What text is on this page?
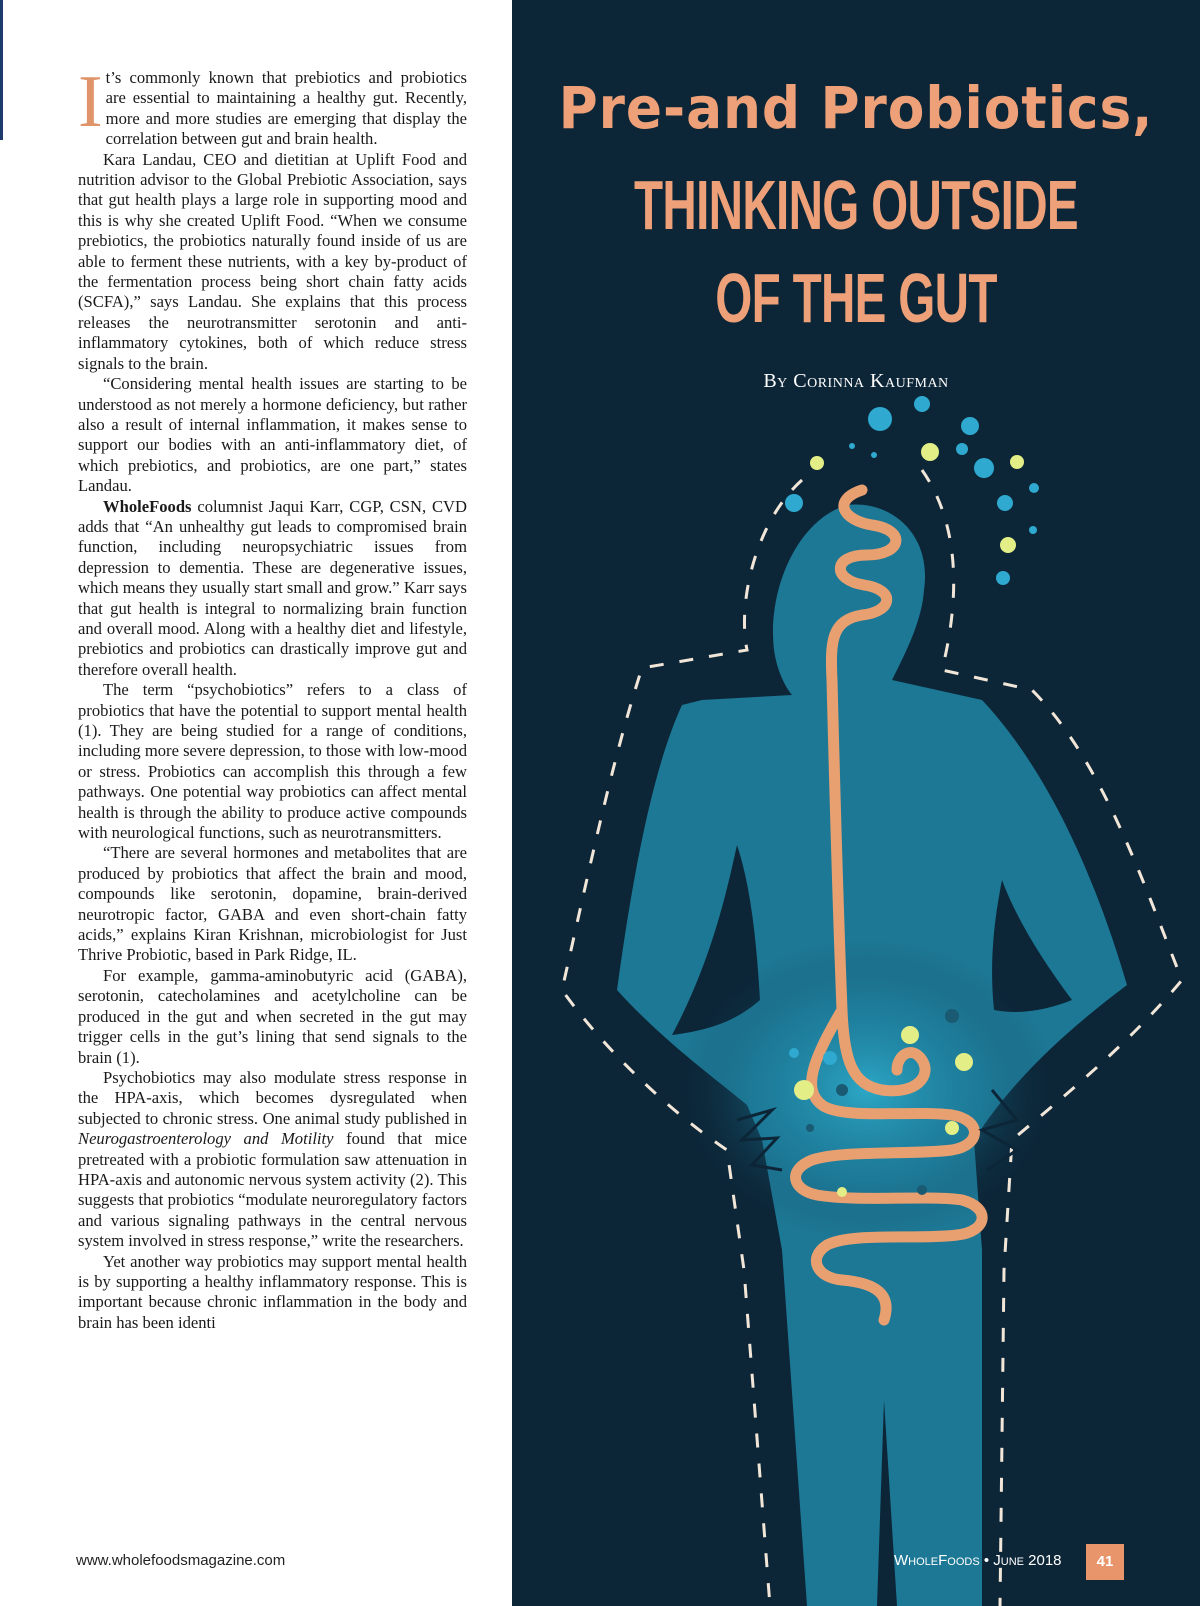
It’s commonly known that prebiotics and probiotics are essential to maintaining a healthy gut. Recently, more and more studies are emerging that display the correlation between gut and brain health.

Kara Landau, CEO and dietitian at Uplift Food and nutrition advisor to the Global Prebiotic Association, says that gut health plays a large role in supporting mood and this is why she created Uplift Food. “When we consume prebiotics, the probiotics naturally found inside of us are able to ferment these nutrients, with a key by-product of the fermentation process being short chain fatty acids (SCFA),” says Landau. She explains that this process releases the neurotransmitter serotonin and anti-inflammatory cytokines, both of which reduce stress signals to the brain.

“Considering mental health issues are starting to be understood as not merely a hormone deficiency, but rather also a result of internal inflammation, it makes sense to support our bodies with an anti-inflammatory diet, of which prebiotics, and probiotics, are one part,” states Landau.

WholeFoods columnist Jaqui Karr, CGP, CSN, CVD adds that “An unhealthy gut leads to compromised brain function, including neuropsychiatric issues from depression to dementia. These are degenerative issues, which means they usually start small and grow.” Karr says that gut health is integral to normalizing brain function and overall mood. Along with a healthy diet and lifestyle, prebiotics and probiotics can drastically improve gut and therefore overall health.

The term “psychobiotics” refers to a class of probiotics that have the potential to support mental health (1). They are being studied for a range of conditions, including more severe depression, to those with low-mood or stress. Probiotics can accomplish this through a few pathways. One potential way probiotics can affect mental health is through the ability to produce active compounds with neurological functions, such as neurotransmitters.

“There are several hormones and metabolites that are produced by probiotics that affect the brain and mood, compounds like serotonin, dopamine, brain-derived neurotropic factor, GABA and even short-chain fatty acids,” explains Kiran Krishnan, microbiologist for Just Thrive Probiotic, based in Park Ridge, IL.

For example, gamma-aminobutyric acid (GABA), serotonin, catecholamines and acetylcholine can be produced in the gut and when secreted in the gut may trigger cells in the gut’s lining that send signals to the brain (1).

Psychobiotics may also modulate stress response in the HPA-axis, which becomes dysregulated when subjected to chronic stress. One animal study published in Neurogastroenterology and Motility found that mice pretreated with a probiotic formulation saw attenuation in HPA-axis and autonomic nervous system activity (2). This suggests that probiotics “modulate neuroregulatory factors and various signaling pathways in the central nervous system involved in stress response,” write the researchers.

Yet another way probiotics may support mental health is by supporting a healthy inflammatory response. This is important because chronic inflammation in the body and brain has been identi

www.wholefoodsmagazine.com
Pre-and Probiotics,
THINKING OUTSIDE
OF THE GUT
By Corinna Kaufman
WholeFoods • June 2018	41
